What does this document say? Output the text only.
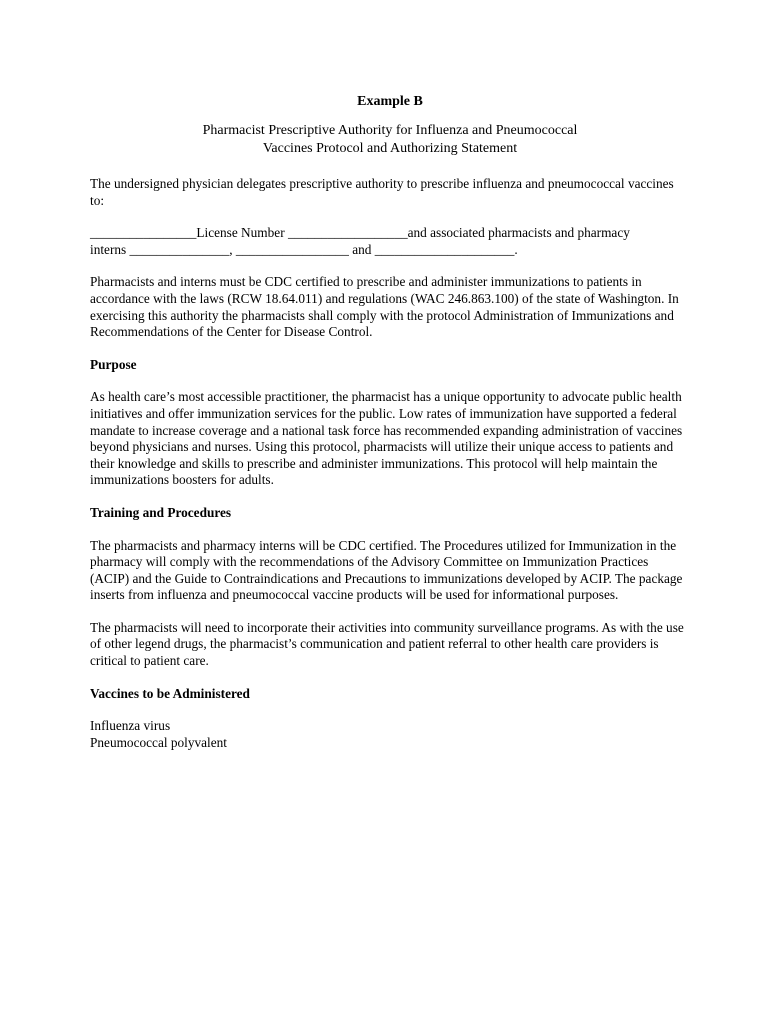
Example B
Pharmacist Prescriptive Authority for Influenza and Pneumococcal
Vaccines Protocol and Authorizing Statement

The undersigned physician delegates prescriptive authority to prescribe influenza and pneumococcal vaccines to:

________________License Number __________________and associated pharmacists and pharmacy
interns _______________, _________________ and _____________________.

Pharmacists and interns must be CDC certified to prescribe and administer immunizations to patients in accordance with the laws (RCW 18.64.011) and regulations (WAC 246.863.100) of the state of Washington. In exercising this authority the pharmacists shall comply with the protocol Administration of Immunizations and Recommendations of the Center for Disease Control.

Purpose

As health care’s most accessible practitioner, the pharmacist has a unique opportunity to advocate public health initiatives and offer immunization services for the public. Low rates of immunization have supported a federal mandate to increase coverage and a national task force has recommended expanding administration of vaccines beyond physicians and nurses. Using this protocol, pharmacists will utilize their unique access to patients and their knowledge and skills to prescribe and administer immunizations. This protocol will help maintain the immunizations boosters for adults.

Training and Procedures

The pharmacists and pharmacy interns will be CDC certified. The Procedures utilized for Immunization in the pharmacy will comply with the recommendations of the Advisory Committee on Immunization Practices (ACIP) and the Guide to Contraindications and Precautions to immunizations developed by ACIP. The package inserts from influenza and pneumococcal vaccine products will be used for informational purposes.

The pharmacists will need to incorporate their activities into community surveillance programs. As with the use of other legend drugs, the pharmacist’s communication and patient referral to other health care providers is critical to patient care.

Vaccines to be Administered
Influenza virus
Pneumococcal polyvalent
